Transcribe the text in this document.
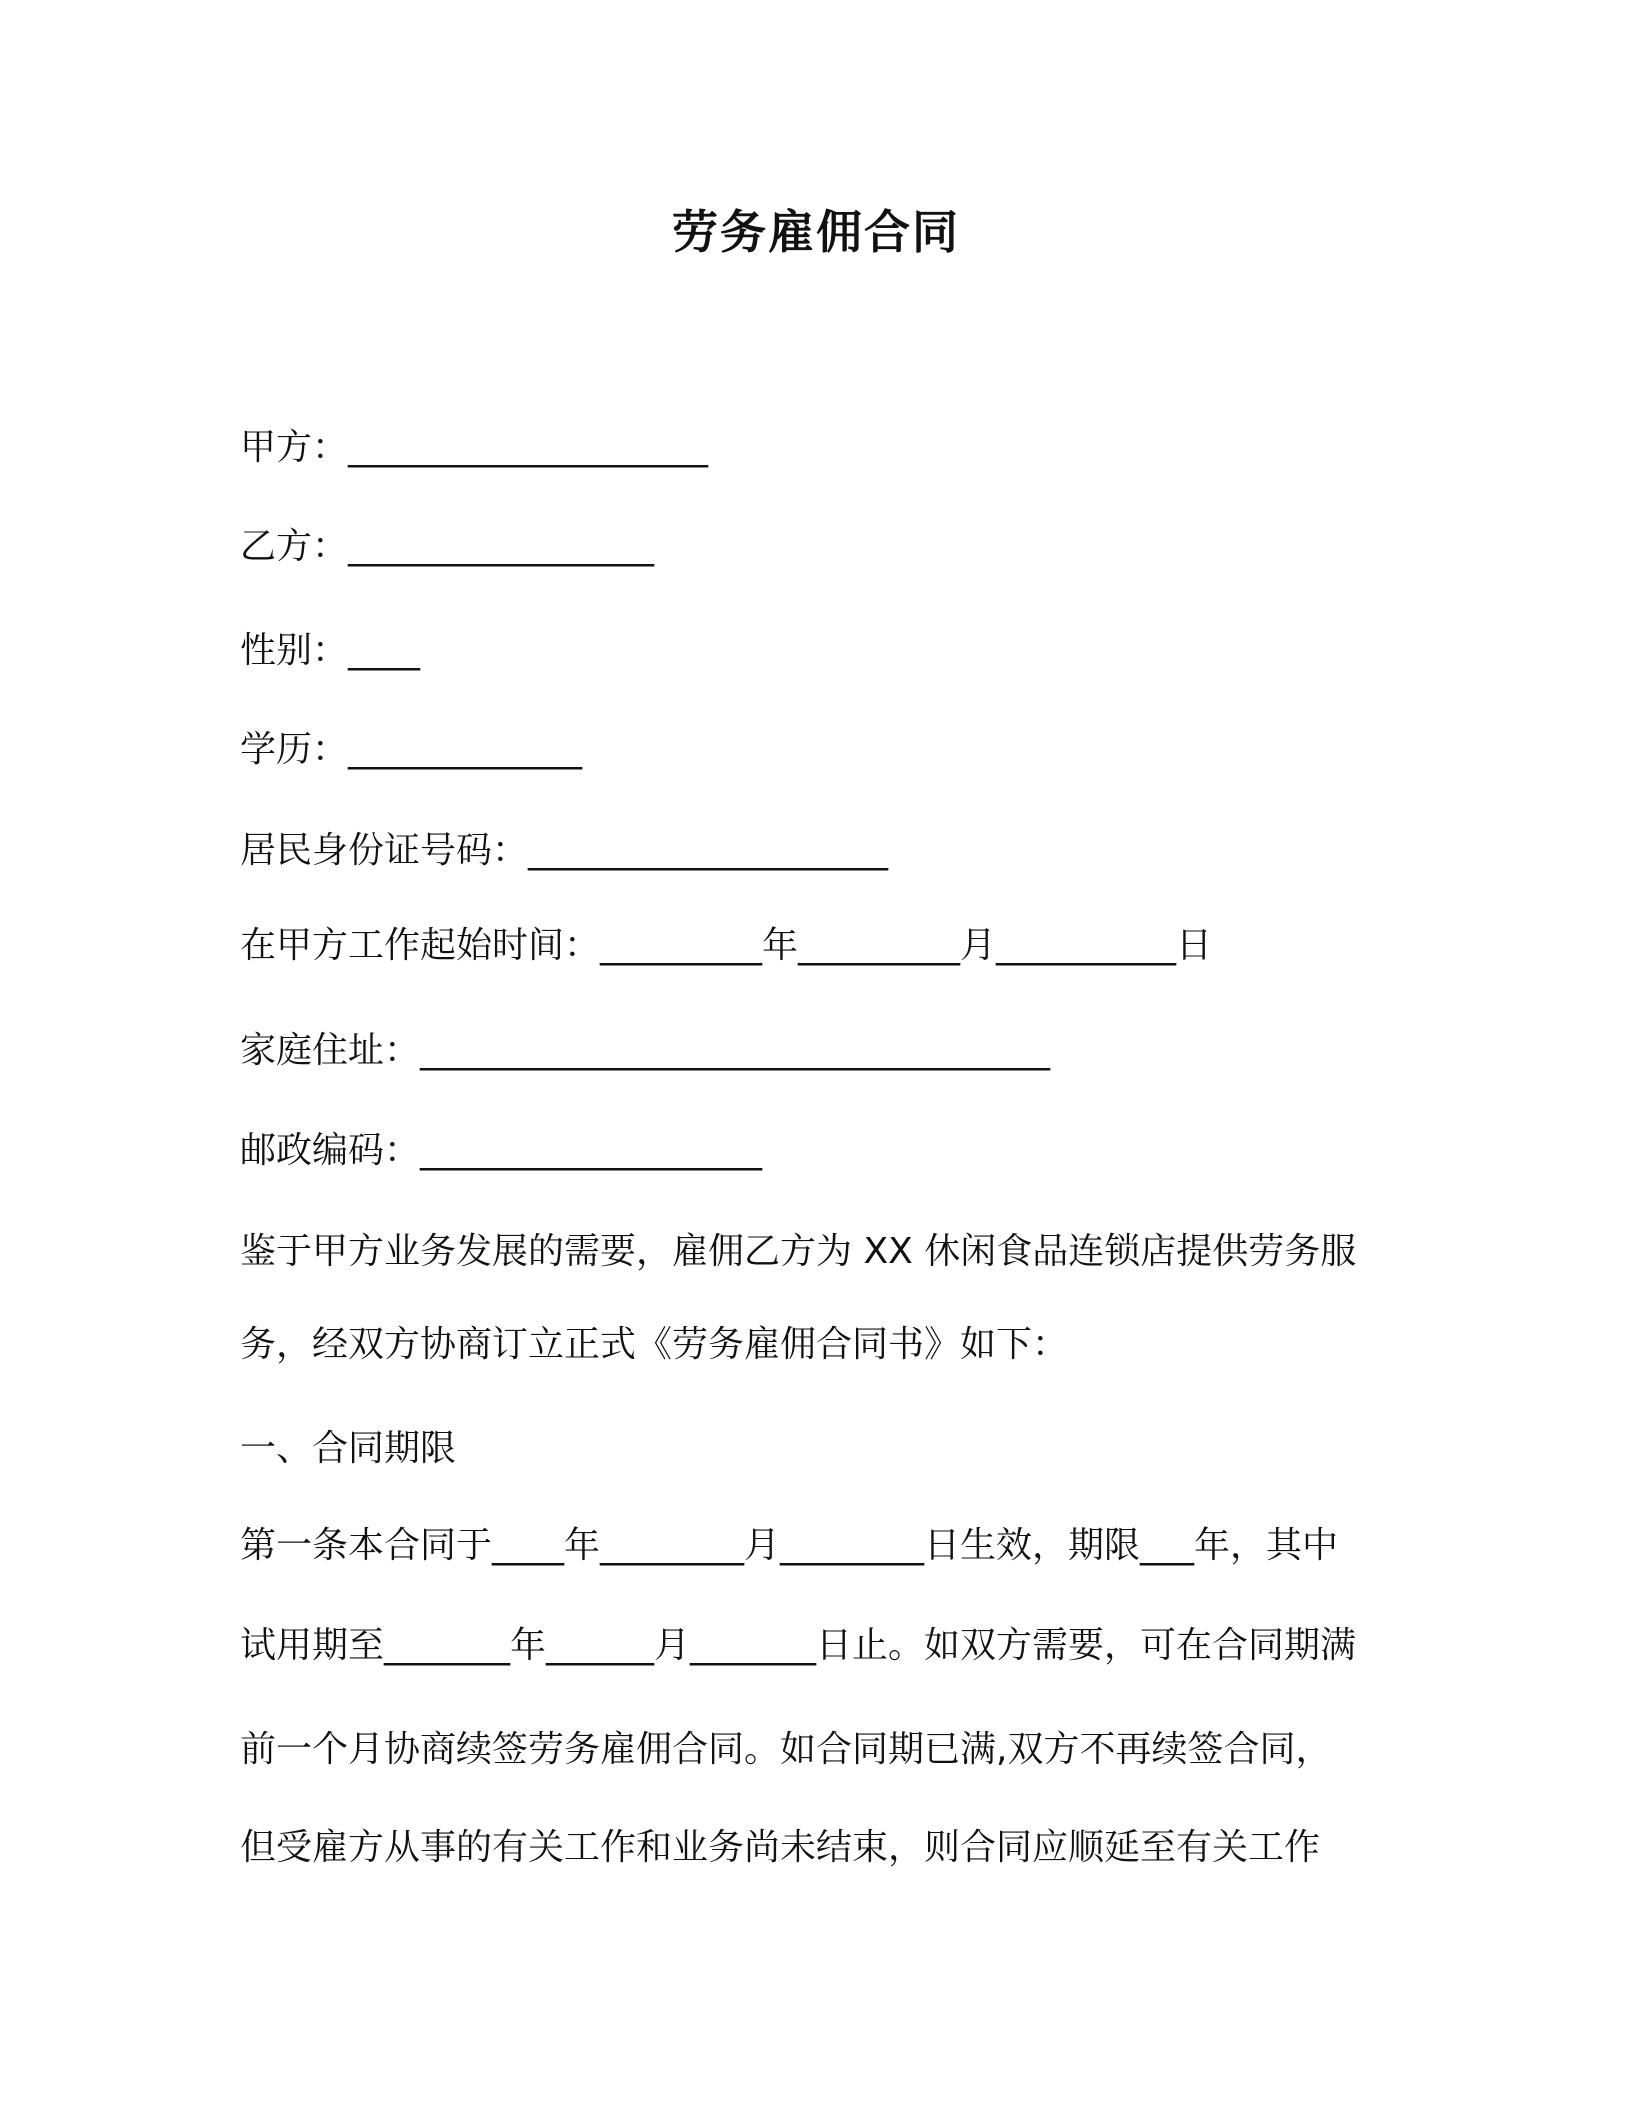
劳务雇佣合同

甲方：____________________

乙方：_________________

性别：____

学历：_____________

居民身份证号码：____________________

在甲方工作起始时间：_________年_________月__________日

家庭住址：___________________________________

邮政编码：___________________

鉴于甲方业务发展的需要，雇佣乙方为 XX 休闲食品连锁店提供劳务服

务，经双方协商订立正式《劳务雇佣合同书》如下：

一、合同期限

第一条本合同于____年________月________日生效，期限___年，其中

试用期至_______年______月_______日止。如双方需要，可在合同期满

前一个月协商续签劳务雇佣合同。如合同期已满,双方不再续签合同，

但受雇方从事的有关工作和业务尚未结束，则合同应顺延至有关工作
